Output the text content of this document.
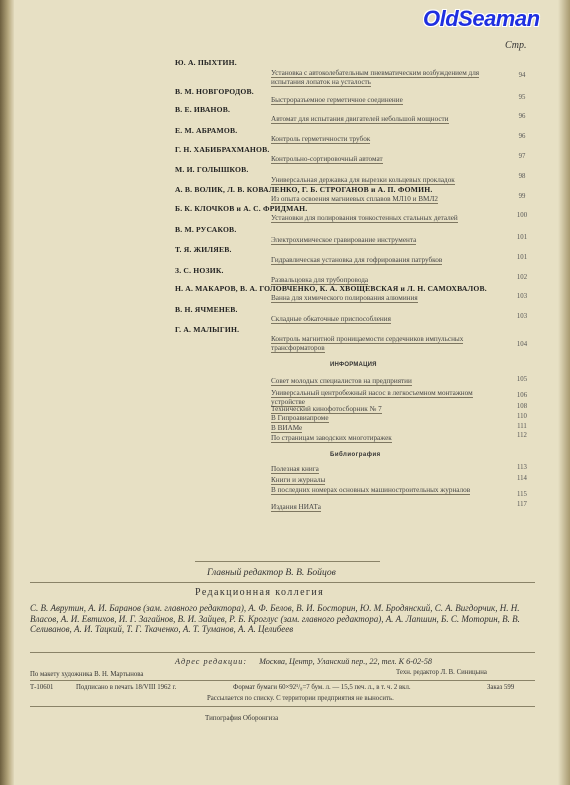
OldSeaman
Стр.
Ю. А. ПЫХТИН.
Установка с автоколебательным пневматическим возбуждением для испытания лопаток на усталость
94
В. М. НОВГОРОДОВ.
Быстроразъемное герметичное соединение	95
В. Е. ИВАНОВ.
Автомат для испытания двигателей небольшой мощности	96
Е. М. АБРАМОВ.
Контроль герметичности трубок	96
Г. Н. ХАБИБРАХМАНОВ.
Контрольно-сортировочный автомат	97
М. И. ГОЛЫШКОВ.
Универсальная державка для вырезки кольцевых прокладок	98
А. В. ВОЛИК, Л. В. КОВАЛЕНКО, Г. Б. СТРОГАНОВ и А. П. ФОМИН.
Из опыта освоения магниевых сплавов МЛ10 и ВМЛ2	99
Б. К. КЛОЧКОВ и А. С. ФРИДМАН.
Установки для полирования тонкостенных стальных деталей	100
В. М. РУСАКОВ.
Электрохимическое гравирование инструмента	101
Т. Я. ЖИЛЯЕВ.
Гидравлическая установка для гофрирования патрубков	101
З. С. НОЗИК.
Развальцовка для трубопровода	102
Н. А. МАКАРОВ, В. А. ГОЛОВЧЕНКО, К. А. ХВОЩЕВСКАЯ и Л. Н. САМОХВАЛОВ.
Ванна для химического полирования алюминия	103
В. Н. ЯЧМЕНЕВ.
Складные обкаточные приспособления	103
Г. А. МАЛЫГИН.
Контроль магнитной проницаемости сердечников импульсных трансформаторов	104
ИНФОРМАЦИЯ
Совет молодых специалистов на предприятии	105
Универсальный центробежный насос в легкосъемном монтажном устройстве
106
Технический кинофотосборник № 7	108
В Гипроавиапроме	110
В ВИАМе	111
По страницам заводских многотиражек	112
Библиография
Полезная книга	113
Книги и журналы	114
В последних номерах основных машиностроительных журналов
115
Издания НИАТа	117
Главный редактор В. В. Бойцов
Редакционная коллегия
С. В. Аврутин, А. И. Баранов (зам. главного редактора), А. Ф. Белов, В. И. Босторин, Ю. М. Бродянский, С. А. Вигдорчик, Н. Н. Власов, А. И. Евтихов, И. Г. Загайнов, В. И. Зайцев, Р. Б. Кроглус (зам. главного редактора), А. А. Лапшин, Б. С. Моторин, В. В. Селиванов, А. И. Тацкий, Т. Г. Ткаченко, А. Т. Туманов, А. А. Целибеев
Адрес редакции: Москва, Центр, Уланский пер., 22, тел. К 6-02-58
По макету художника В. Н. Мартынова	Техн. редактор Л. В. Синицына
Т-10601	Подписано в печать 18/VIII 1962 г.	Формат бумаги 60×92¹/₈=7 бум. л. — 15,5 печ. л., в т. ч. 2 вкл.	Заказ 599
Рассылается по списку. С территории предприятия не выносить.
Типография Оборонгиза
